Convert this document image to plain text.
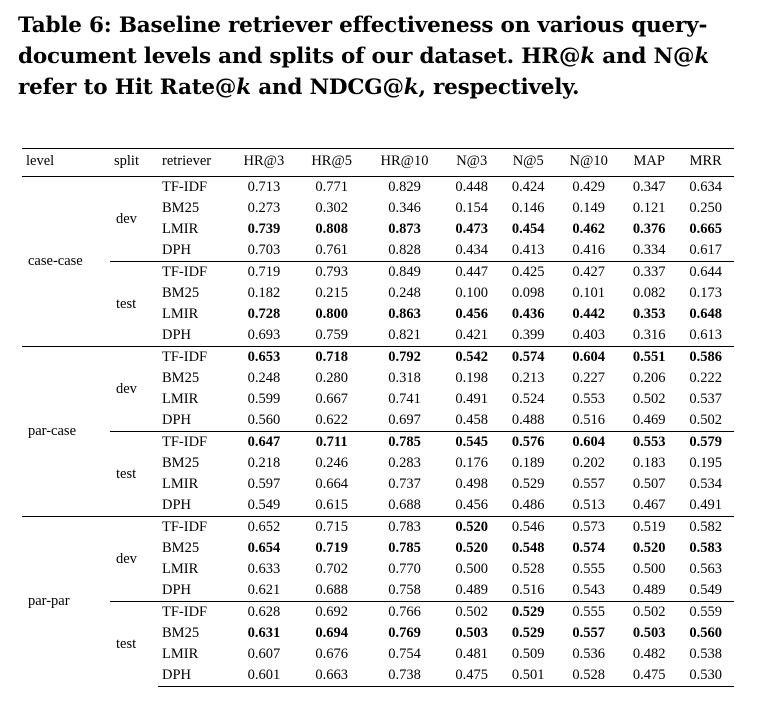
Table 6: Baseline retriever effectiveness on various query-
document levels and splits of our dataset. HR@k and N@k
refer to Hit Rate@k and NDCG@k, respectively.
level	split	retriever	HR@3	HR@5	HR@10	N@3	N@5	N@10	MAP	MRR
case-case	dev	TF-IDF	0.713	0.771	0.829	0.448	0.424	0.429	0.347	0.634
		BM25	0.273	0.302	0.346	0.154	0.146	0.149	0.121	0.250
		LMIR	0.739	0.808	0.873	0.473	0.454	0.462	0.376	0.665
		DPH	0.703	0.761	0.828	0.434	0.413	0.416	0.334	0.617
	test	TF-IDF	0.719	0.793	0.849	0.447	0.425	0.427	0.337	0.644
		BM25	0.182	0.215	0.248	0.100	0.098	0.101	0.082	0.173
		LMIR	0.728	0.800	0.863	0.456	0.436	0.442	0.353	0.648
		DPH	0.693	0.759	0.821	0.421	0.399	0.403	0.316	0.613
par-case	dev	TF-IDF	0.653	0.718	0.792	0.542	0.574	0.604	0.551	0.586
		BM25	0.248	0.280	0.318	0.198	0.213	0.227	0.206	0.222
		LMIR	0.599	0.667	0.741	0.491	0.524	0.553	0.502	0.537
		DPH	0.560	0.622	0.697	0.458	0.488	0.516	0.469	0.502
	test	TF-IDF	0.647	0.711	0.785	0.545	0.576	0.604	0.553	0.579
		BM25	0.218	0.246	0.283	0.176	0.189	0.202	0.183	0.195
		LMIR	0.597	0.664	0.737	0.498	0.529	0.557	0.507	0.534
		DPH	0.549	0.615	0.688	0.456	0.486	0.513	0.467	0.491
par-par	dev	TF-IDF	0.652	0.715	0.783	0.520	0.546	0.573	0.519	0.582
		BM25	0.654	0.719	0.785	0.520	0.548	0.574	0.520	0.583
		LMIR	0.633	0.702	0.770	0.500	0.528	0.555	0.500	0.563
		DPH	0.621	0.688	0.758	0.489	0.516	0.543	0.489	0.549
	test	TF-IDF	0.628	0.692	0.766	0.502	0.529	0.555	0.502	0.559
		BM25	0.631	0.694	0.769	0.503	0.529	0.557	0.503	0.560
		LMIR	0.607	0.676	0.754	0.481	0.509	0.536	0.482	0.538
		DPH	0.601	0.663	0.738	0.475	0.501	0.528	0.475	0.530
